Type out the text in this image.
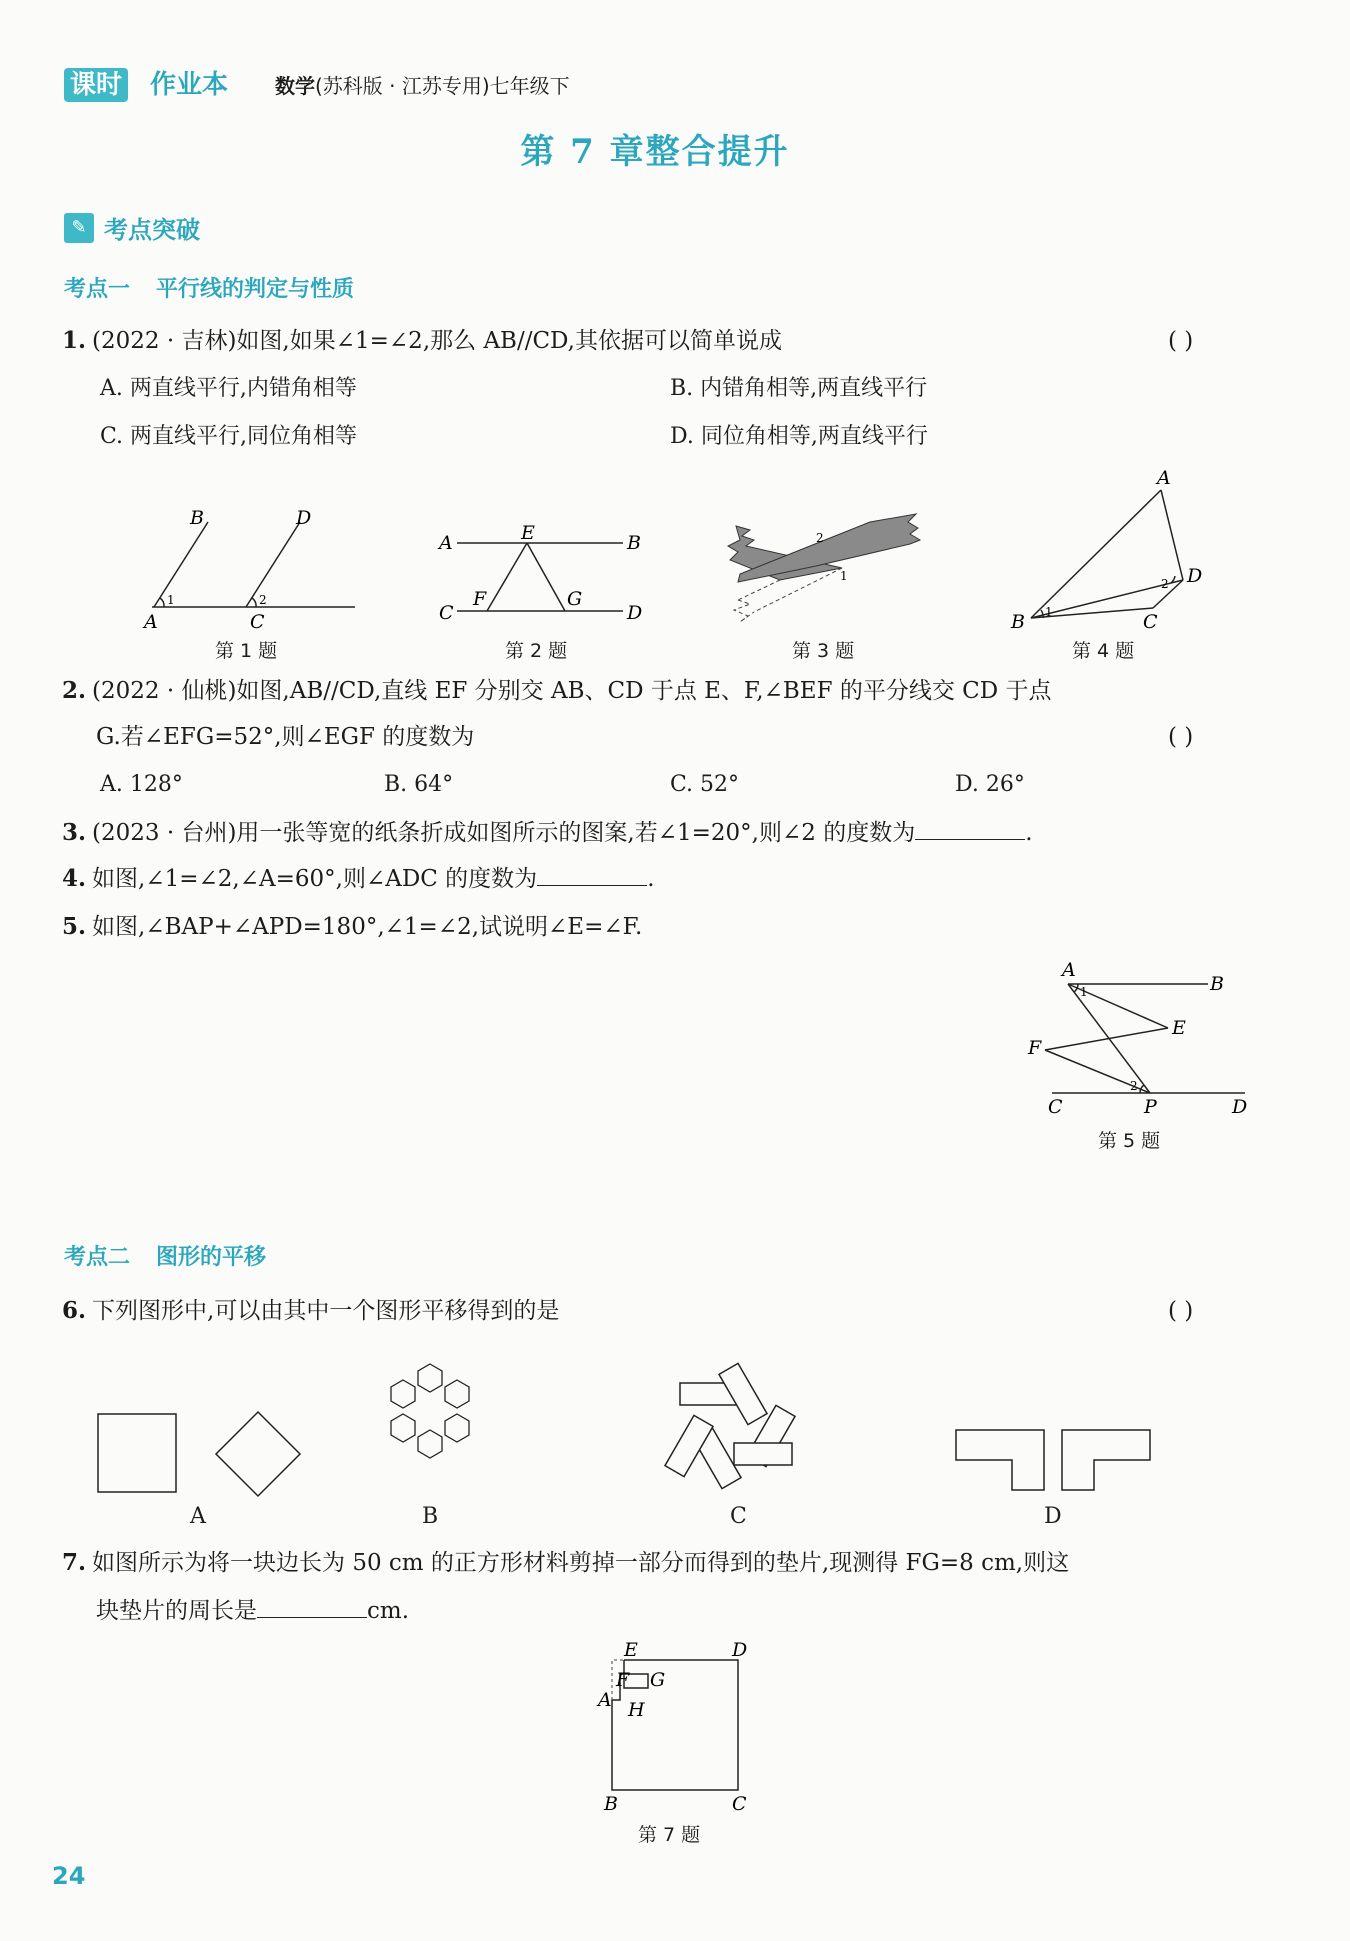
课时 作业本 数学(苏科版 · 江苏专用)七年级下
第 7 章整合提升
✎ 考点突破
考点一 平行线的判定与性质
1. (2022 · 吉林)如图,如果∠1=∠2,那么 AB//CD,其依据可以简单说成	( )
A. 两直线平行,内错角相等	B. 内错角相等,两直线平行
C. 两直线平行,同位角相等	D. 同位角相等,两直线平行
B	D
A	C
1	2
第 1 题
A	E	B
C
F	G
D
第 2 题
2
1
第 3 题
A
D
B	C
1
2
第 4 题
2. (2022 · 仙桃)如图,AB//CD,直线 EF 分别交 AB、CD 于点 E、F,∠BEF 的平分线交 CD 于点
G.若∠EFG=52°,则∠EGF 的度数为	( )
A. 128°	B. 64°	C. 52°	D. 26°
3. (2023 · 台州)用一张等宽的纸条折成如图所示的图案,若∠1=20°,则∠2 的度数为	.
4. 如图,∠1=∠2,∠A=60°,则∠ADC 的度数为	.
5. 如图,∠BAP+∠APD=180°,∠1=∠2,试说明∠E=∠F.
A
B
1
E
F
C
2
P	D
第 5 题
考点二 图形的平移
6. 下列图形中,可以由其中一个图形平移得到的是	( )
A	B	C	D
7. 如图所示为将一块边长为 50 cm 的正方形材料剪掉一部分而得到的垫片,现测得 FG=8 cm,则这
块垫片的周长是	cm.
E	D
F G
A H
B	C
第 7 题
24
